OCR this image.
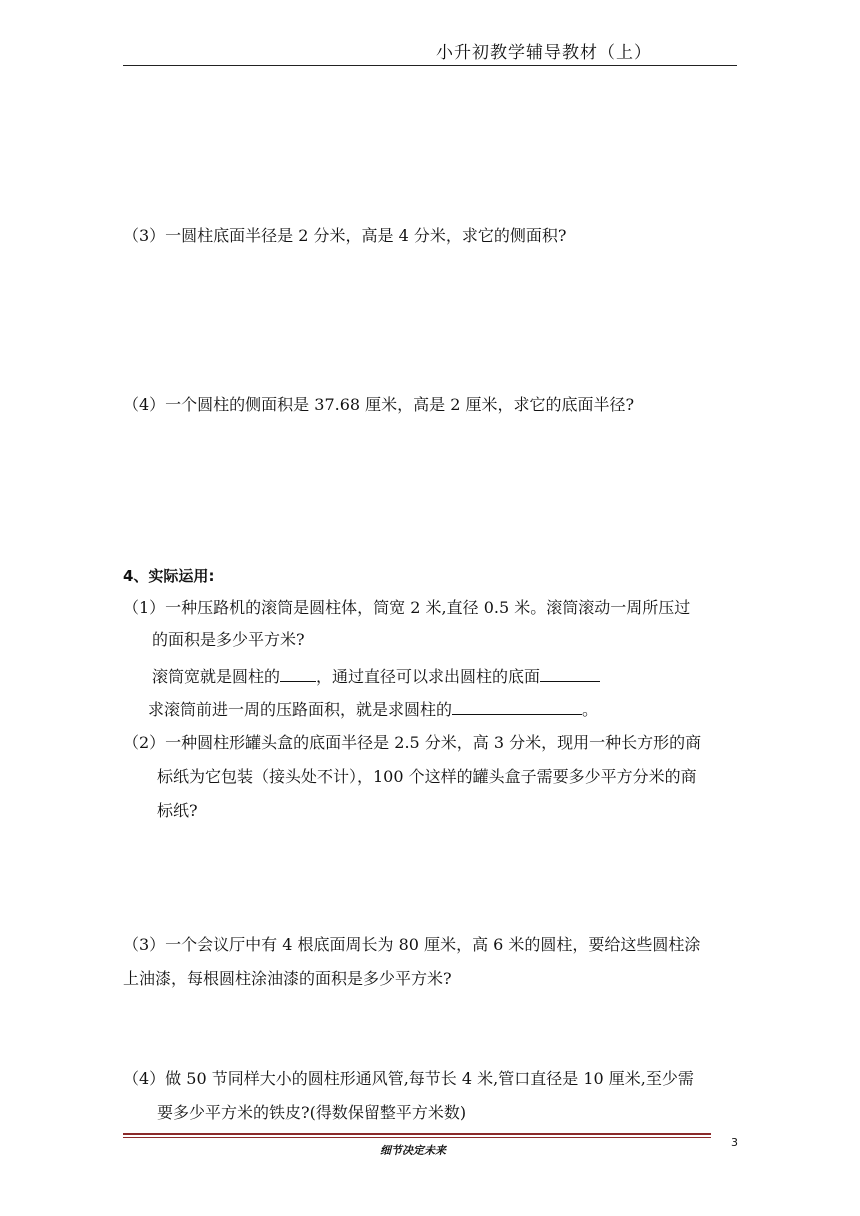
小升初教学辅导教材（上）
（3）一圆柱底面半径是 2 分米，高是 4 分米，求它的侧面积?
（4）一个圆柱的侧面积是 37.68 厘米，高是 2 厘米，求它的底面半径?
4、实际运用:
（1）一种压路机的滚筒是圆柱体，筒宽 2 米,直径 0.5 米。滚筒滚动一周所压过
的面积是多少平方米?
滚筒宽就是圆柱的 ，通过直径可以求出圆柱的底面
求滚筒前进一周的压路面积，就是求圆柱的	。
（2）一种圆柱形罐头盒的底面半径是 2.5 分米，高 3 分米，现用一种长方形的商
标纸为它包装（接头处不计），100 个这样的罐头盒子需要多少平方分米的商
标纸?
（3）一个会议厅中有 4 根底面周长为 80 厘米，高 6 米的圆柱，要给这些圆柱涂
上油漆，每根圆柱涂油漆的面积是多少平方米?
（4）做 50 节同样大小的圆柱形通风管,每节长 4 米,管口直径是 10 厘米,至少需
要多少平方米的铁皮?(得数保留整平方米数)
细节决定未来
3
